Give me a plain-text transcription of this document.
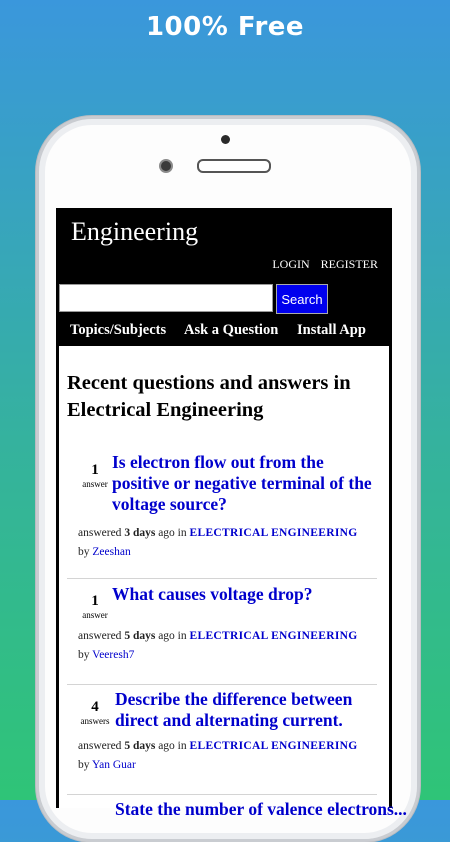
100% Free
Engineering
LOGIN REGISTER
Search
Topics/Subjects Ask a Question Install App
Recent questions and answers in Electrical Engineering
1
answer
Is electron flow out from the positive or negative terminal of the voltage source?
answered 3 days ago in ELECTRICAL ENGINEERING
by Zeeshan
1
answer
What causes voltage drop?
answered 5 days ago in ELECTRICAL ENGINEERING
by Veeresh7
4
answers
Describe the difference between direct and alternating current.
answered 5 days ago in ELECTRICAL ENGINEERING
by Yan Guar
State the number of valence electrons...
